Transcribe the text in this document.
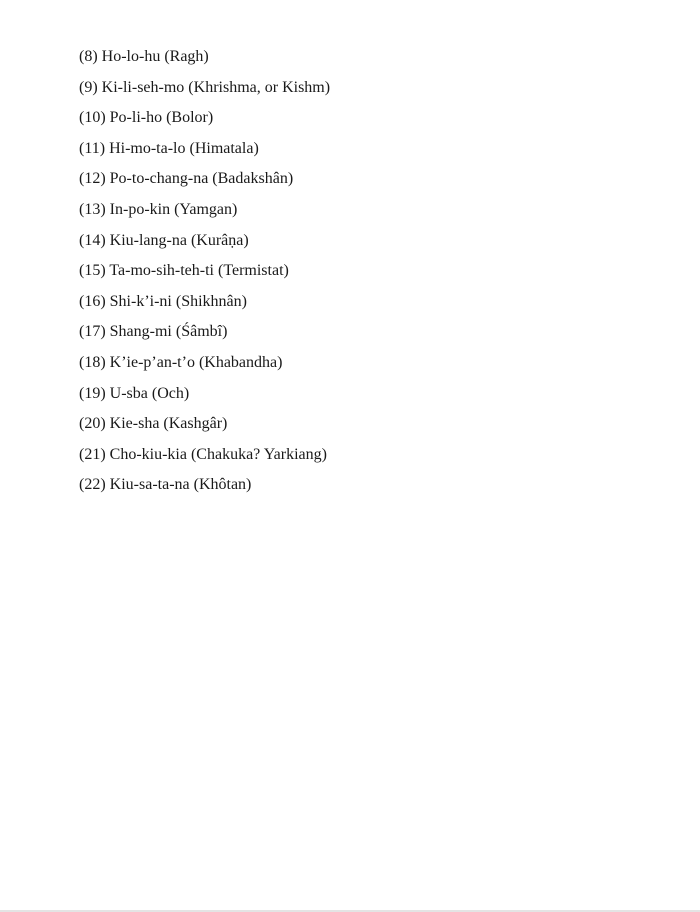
(8) Ho-lo-hu (Ragh)
(9) Ki-li-seh-mo (Khrishma, or Kishm)
(10) Po-li-ho (Bolor)
(11) Hi-mo-ta-lo (Himatala)
(12) Po-to-chang-na (Badakshân)
(13) In-po-kin (Yamgan)
(14) Kiu-lang-na (Kurâṇa)
(15) Ta-mo-sih-teh-ti (Termistat)
(16) Shi-k’i-ni (Shikhnân)
(17) Shang-mi (Śâmbî)
(18) K’ie-p’an-t’o (Khabandha)
(19) U-sba (Och)
(20) Kie-sha (Kashgâr)
(21) Cho-kiu-kia (Chakuka? Yarkiang)
(22) Kiu-sa-ta-na (Khôtan)
